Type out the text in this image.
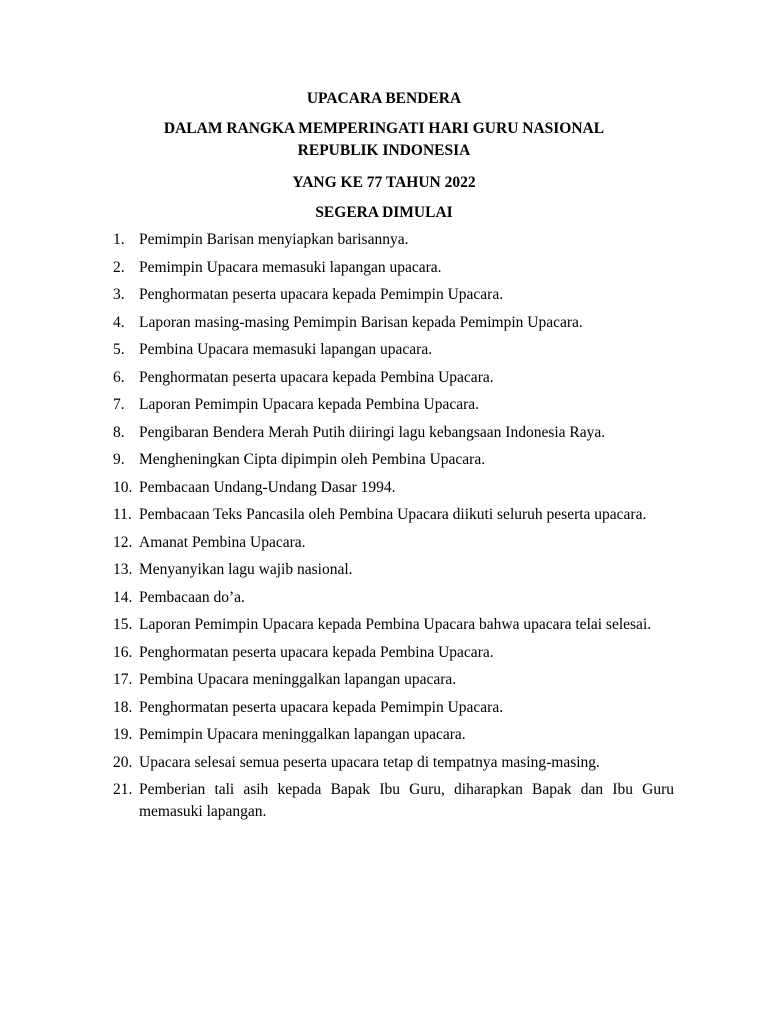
UPACARA BENDERA
DALAM RANGKA MEMPERINGATI HARI GURU NASIONAL
REPUBLIK INDONESIA
YANG KE 77 TAHUN 2022
SEGERA DIMULAI
1. Pemimpin Barisan menyiapkan barisannya.
2. Pemimpin Upacara memasuki lapangan upacara.
3. Penghormatan peserta upacara kepada Pemimpin Upacara.
4. Laporan masing-masing Pemimpin Barisan kepada Pemimpin Upacara.
5. Pembina Upacara memasuki lapangan upacara.
6. Penghormatan peserta upacara kepada Pembina Upacara.
7. Laporan Pemimpin Upacara kepada Pembina Upacara.
8. Pengibaran Bendera Merah Putih diiringi lagu kebangsaan Indonesia Raya.
9. Mengheningkan Cipta dipimpin oleh Pembina Upacara.
10. Pembacaan Undang-Undang Dasar 1994.
11. Pembacaan Teks Pancasila oleh Pembina Upacara diikuti seluruh peserta upacara.
12. Amanat Pembina Upacara.
13. Menyanyikan lagu wajib nasional.
14. Pembacaan do’a.
15. Laporan Pemimpin Upacara kepada Pembina Upacara bahwa upacara telai selesai.
16. Penghormatan peserta upacara kepada Pembina Upacara.
17. Pembina Upacara meninggalkan lapangan upacara.
18. Penghormatan peserta upacara kepada Pemimpin Upacara.
19. Pemimpin Upacara meninggalkan lapangan upacara.
20. Upacara selesai semua peserta upacara tetap di tempatnya masing-masing.
21. Pemberian tali asih kepada Bapak Ibu Guru, diharapkan Bapak dan Ibu Guru memasuki lapangan.
